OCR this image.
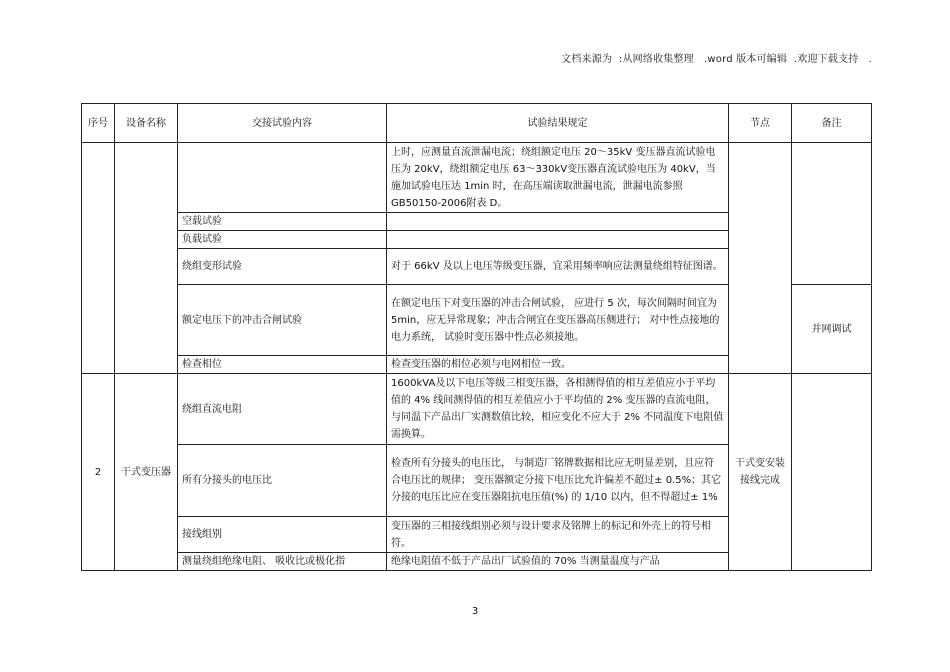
文档来源为  :从网络收集整理   .word 版本可编辑  .欢迎下载支持   .
序号	设备名称	交接试验内容	试验结果规定	节点	备注
			上时，应测量直流泄漏电流；绕组额定电压 20～35kV 变压器直流试验电压为 20kV，绕组额定电压 63～330kV变压器直流试验电压为 40kV，当施加试验电压达 1min 时，在高压端读取泄漏电流，泄漏电流参照 GB50150-2006附表 D。		
		空载试验			
		负载试验			
		绕组变形试验	对于 66kV 及以上电压等级变压器，宜采用频率响应法测量绕组特征图谱。		
		额定电压下的冲击合闸试验	在额定电压下对变压器的冲击合闸试验， 应进行 5 次，每次间隔时间宜为 5min，应无异常现象；冲击合闸宜在变压器高压侧进行； 对中性点接地的电力系统， 试验时变压器中性点必须接地。		并网调试
		检查相位	检查变压器的相位必须与电网相位一致。		
2	干式变压器	绕组直流电阻	1600kVA及以下电压等级三相变压器，各相测得值的相互差值应小于平均值的 4% 线间测得值的相互差值应小于平均值的 2% 变压器的直流电阻，与同温下产品出厂实测数值比较，相应变化不应大于 2% 不同温度下电阻值需换算。	干式变安装接线完成	
		所有分接头的电压比	检查所有分接头的电压比， 与制造厂铭牌数据相比应无明显差别，且应符合电压比的规律； 变压器额定分接下电压比允许偏差不超过± 0.5%；其它分接的电压比应在变压器阻抗电压值(%) 的 1/10 以内，但不得超过± 1%		
		接线组别	变压器的三相接线组别必须与设计要求及铭牌上的标记和外壳上的符号相符。		
		测量绕组绝缘电阻、 吸收比或极化指	绝缘电阻值不低于产品出厂试验值的 70% 当测量温度与产品		
3
